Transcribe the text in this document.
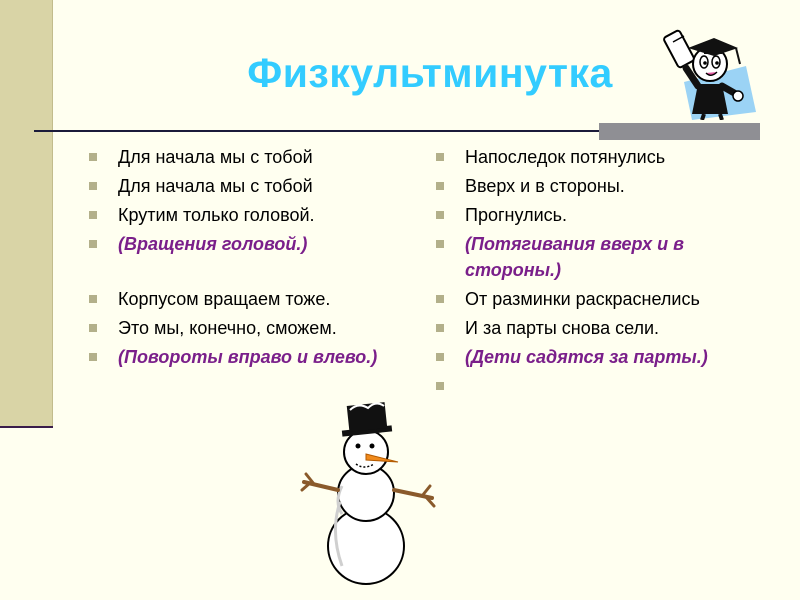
Физкультминутка
Для начала мы с тобой
Для начала мы с тобой
Крутим только головой.
(Вращения головой.)
Корпусом вращаем тоже.
Это мы, конечно, сможем.
(Повороты вправо и влево.)
Напоследок потянулись
Вверх и в стороны.
Прогнулись.
(Потягивания вверх и в стороны.)
От разминки раскраснелись
И за парты снова сели.
(Дети садятся за парты.)
